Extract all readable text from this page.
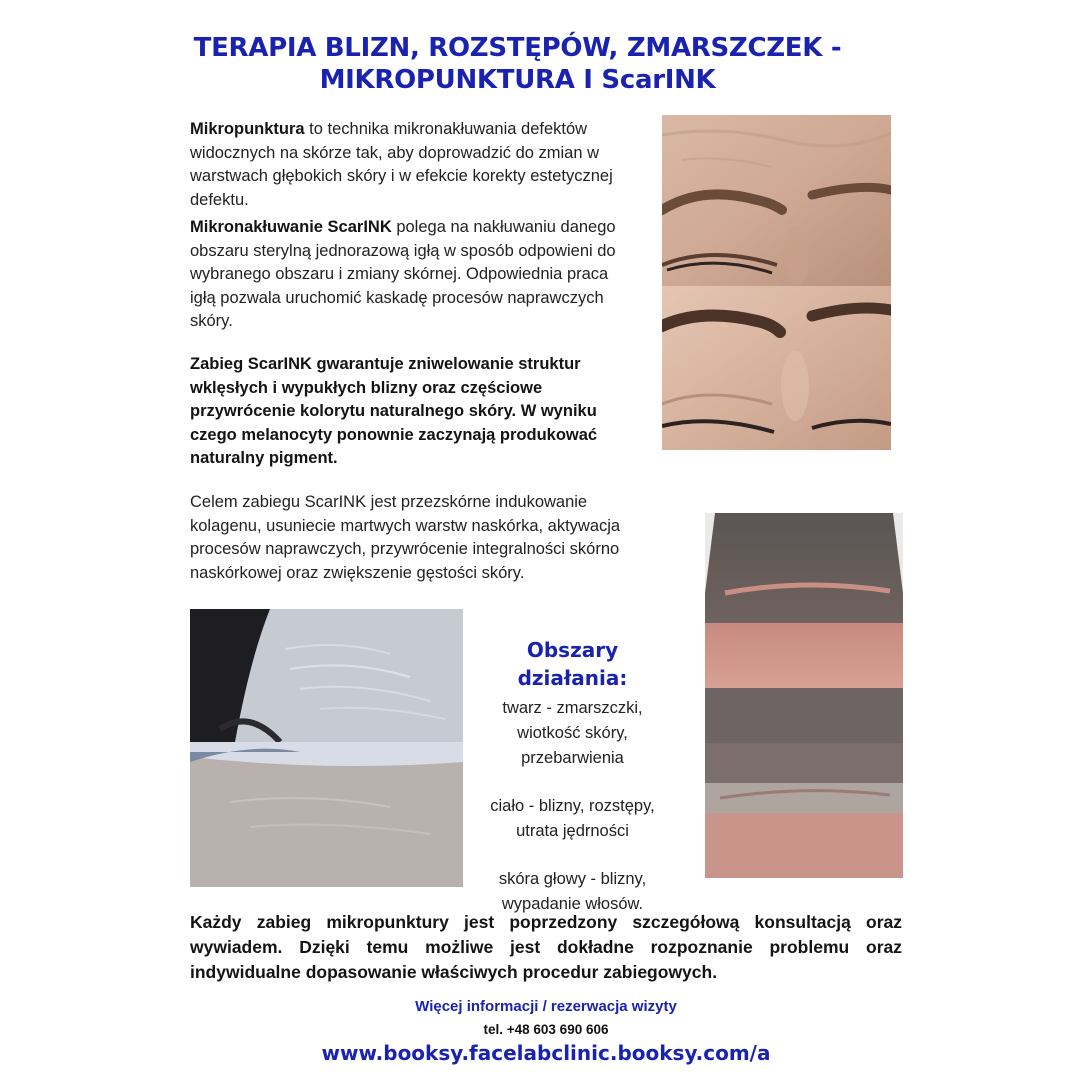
TERAPIA BLIZN, ROZSTĘPÓW, ZMARSZCZEK -
MIKROPUNKTURA I ScarINK
Mikropunktura to technika mikronakłuwania defektów widocznych na skórze tak, aby doprowadzić do zmian w warstwach głębokich skóry i w efekcie korekty estetycznej defektu.
Mikronakłuwanie ScarINK polega na nakłuwaniu danego obszaru sterylną jednorazową igłą w sposób odpowieni do wybranego obszaru i zmiany skórnej. Odpowiednia praca igłą pozwala uruchomić kaskadę procesów naprawczych skóry.
Zabieg ScarINK gwarantuje zniwelowanie struktur wklęsłych i wypukłych blizny oraz częściowe przywrócenie kolorytu naturalnego skóry. W wyniku czego melanocyty ponownie zaczynają produkować naturalny pigment.
Celem zabiegu ScarINK jest przezskórne indukowanie kolagenu, usuniecie martwych warstw naskórka, aktywacja procesów naprawczych, przywrócenie integralności skórno naskórkowej oraz zwiększenie gęstości skóry.
Obszary działania:
twarz - zmarszczki,
wiotkość skóry,
przebarwienia
ciało - blizny, rozstępy,
utrata jędrności
skóra głowy - blizny,
wypadanie włosów.
Każdy zabieg mikropunktury jest poprzedzony szczegółową konsultacją oraz wywiadem. Dzięki temu możliwe jest dokładne rozpoznanie problemu oraz indywidualne dopasowanie właściwych procedur zabiegowych.
Więcej informacji / rezerwacja wizyty
tel. +48 603 690 606
www.booksy.facelabclinic.booksy.com/a
